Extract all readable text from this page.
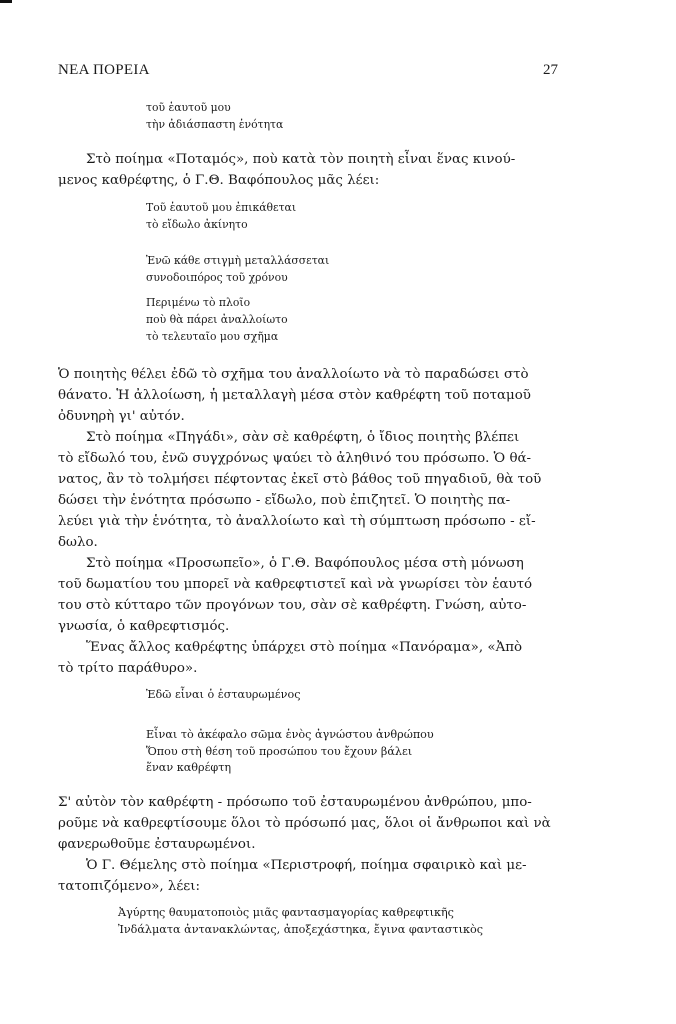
ΝΕΑ ΠΟΡΕΙΑ	27
τοῦ ἑαυτοῦ μου
τὴν ἀδιάσπαστη ἑνότητα
Στὸ ποίημα «Ποταμός», ποὺ κατὰ τὸν ποιητὴ εἶναι ἕνας κινού-
μενος καθρέφτης, ὁ Γ.Θ. Βαφόπουλος μᾶς λέει:
Τοῦ ἑαυτοῦ μου ἐπικάθεται
τὸ εἴδωλο ἀκίνητο
Ἐνῶ κάθε στιγμὴ μεταλλάσσεται
συνοδοιπόρος τοῦ χρόνου
Περιμένω τὸ πλοῖο
ποὺ θὰ πάρει ἀναλλοίωτο
τὸ τελευταῖο μου σχῆμα
Ὁ ποιητὴς θέλει ἐδῶ τὸ σχῆμα του ἀναλλοίωτο νὰ τὸ παραδώσει στὸ
θάνατο. Ἡ ἀλλοίωση, ἡ μεταλλαγὴ μέσα στὸν καθρέφτη τοῦ ποταμοῦ
ὀδυνηρὴ γι' αὐτόν.
Στὸ ποίημα «Πηγάδι», σὰν σὲ καθρέφτη, ὁ ἴδιος ποιητὴς βλέπει
τὸ εἴδωλό του, ἐνῶ συγχρόνως ψαύει τὸ ἀληθινό του πρόσωπο. Ὁ θά-
νατος, ἂν τὸ τολμήσει πέφτοντας ἐκεῖ στὸ βάθος τοῦ πηγαδιοῦ, θὰ τοῦ
δώσει τὴν ἑνότητα πρόσωπο - εἴδωλο, ποὺ ἐπιζητεῖ. Ὁ ποιητὴς πα-
λεύει γιὰ τὴν ἑνότητα, τὸ ἀναλλοίωτο καὶ τὴ σύμπτωση πρόσωπο - εἴ-
δωλο.
Στὸ ποίημα «Προσωπεῖο», ὁ Γ.Θ. Βαφόπουλος μέσα στὴ μόνωση
τοῦ δωματίου του μπορεῖ νὰ καθρεφτιστεῖ καὶ νὰ γνωρίσει τὸν ἑαυτό
του στὸ κύτταρο τῶν προγόνων του, σὰν σὲ καθρέφτη. Γνώση, αὐτο-
γνωσία, ὁ καθρεφτισμός.
Ἕνας ἄλλος καθρέφτης ὑπάρχει στὸ ποίημα «Πανόραμα», «Ἀπὸ
τὸ τρίτο παράθυρο».
Ἐδῶ εἶναι ὁ ἐσταυρωμένος
Εἶναι τὸ ἀκέφαλο σῶμα ἑνὸς ἀγνώστου ἀνθρώπου
Ὅπου στὴ θέση τοῦ προσώπου του ἔχουν βάλει
ἕναν καθρέφτη
Σ' αὐτὸν τὸν καθρέφτη - πρόσωπο τοῦ ἐσταυρωμένου ἀνθρώπου, μπο-
ροῦμε νὰ καθρεφτίσουμε ὅλοι τὸ πρόσωπό μας, ὅλοι οἱ ἄνθρωποι καὶ νὰ
φανερωθοῦμε ἐσταυρωμένοι.
Ὁ Γ. Θέμελης στὸ ποίημα «Περιστροφή, ποίημα σφαιρικὸ καὶ με-
τατοπιζόμενο», λέει:
Ἀγύρτης θαυματοποιὸς μιᾶς φαντασμαγορίας καθρεφτικῆς
Ἰνδάλματα ἀντανακλώντας, ἀποξεχάστηκα, ἔγινα φανταστικὸς
